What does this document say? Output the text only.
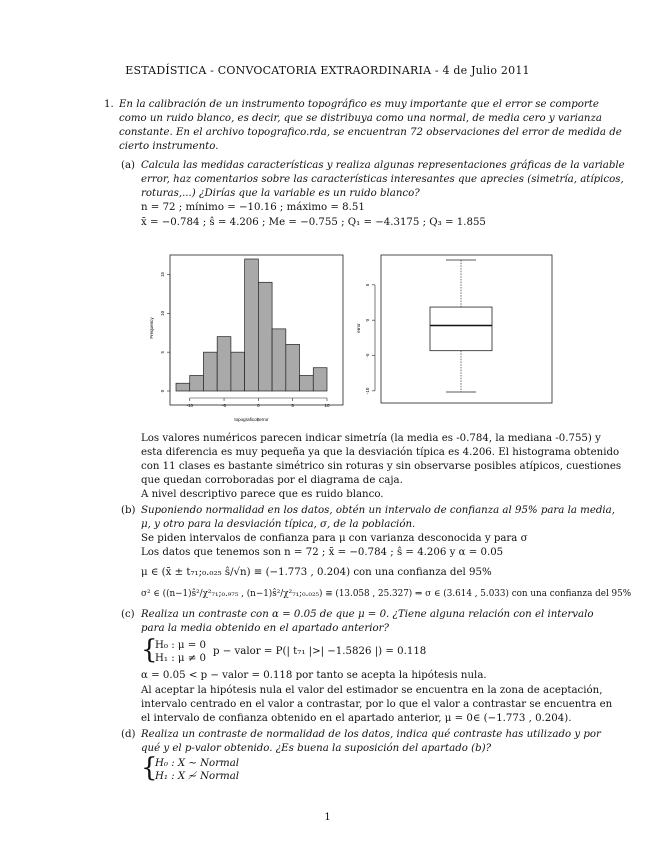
ESTADÍSTICA - CONVOCATORIA EXTRAORDINARIA - 4 de Julio 2011
1. En la calibración de un instrumento topográfico es muy importante que el error se comporte
como un ruido blanco, es decir, que se distribuya como una normal, de media cero y varianza
constante. En el archivo topografico.rda, se encuentran 72 observaciones del error de medida de
cierto instrumento.
(a) Calcula las medidas características y realiza algunas representaciones gráficas de la variable
error, haz comentarios sobre las características interesantes que aprecies (simetría, atípicos,
roturas,...) ¿Dirías que la variable es un ruido blanco?
n = 72 ; mínimo = −10.16 ; máximo = 8.51
x̄ = −0.784 ; ŝ = 4.206 ; Me = −0.755 ; Q₁ = −4.3175 ; Q₃ = 1.855
-10	-5	0	5	10
0
5
10
15
topografico$error
Frequency
-10
-5
0
5
error
Los valores numéricos parecen indicar simetría (la media es -0.784, la mediana -0.755) y
esta diferencia es muy pequeña ya que la desviación típica es 4.206. El histograma obtenido
con 11 clases es bastante simétrico sin roturas y sin observarse posibles atípicos, cuestiones
que quedan corroboradas por el diagrama de caja.
A nivel descriptivo parece que es ruido blanco.
(b) Suponiendo normalidad en los datos, obtén un intervalo de confianza al 95% para la media,
μ, y otro para la desviación típica, σ, de la población.
Se piden intervalos de confianza para μ con varianza desconocida y para σ
Los datos que tenemos son n = 72 ; x̄ = −0.784 ; ŝ = 4.206 y α = 0.05
μ ∈ (x̄ ± t₇₁;₀.₀₂₅ ŝ/√n) ≡ (−1.773 , 0.204) con una confianza del 95%
σ² ∈ ((n−1)ŝ²/χ²₇₁;₀.₉₇₅ , (n−1)ŝ²/χ²₇₁;₀.₀₂₅) ≡ (13.058 , 25.327) ⇒ σ ∈ (3.614 , 5.033) con una confianza del 95%
(c) Realiza un contraste con α = 0.05 de que μ = 0. ¿Tiene alguna relación con el intervalo
para la media obtenido en el apartado anterior?
{
H₀ : μ = 0
H₁ : μ ≠ 0
p − valor = P(| t₇₁ |>| −1.5826 |) = 0.118
α = 0.05 < p − valor = 0.118 por tanto se acepta la hipótesis nula.
Al aceptar la hipótesis nula el valor del estimador se encuentra en la zona de aceptación,
intervalo centrado en el valor a contrastar, por lo que el valor a contrastar se encuentra en
el intervalo de confianza obtenido en el apartado anterior, μ = 0∈ (−1.773 , 0.204).
(d) Realiza un contraste de normalidad de los datos, indica qué contraste has utilizado y por
qué y el p-valor obtenido. ¿Es buena la suposición del apartado (b)?
{
H₀ : X ∼ Normal
H₁ : X ≁ Normal
1
